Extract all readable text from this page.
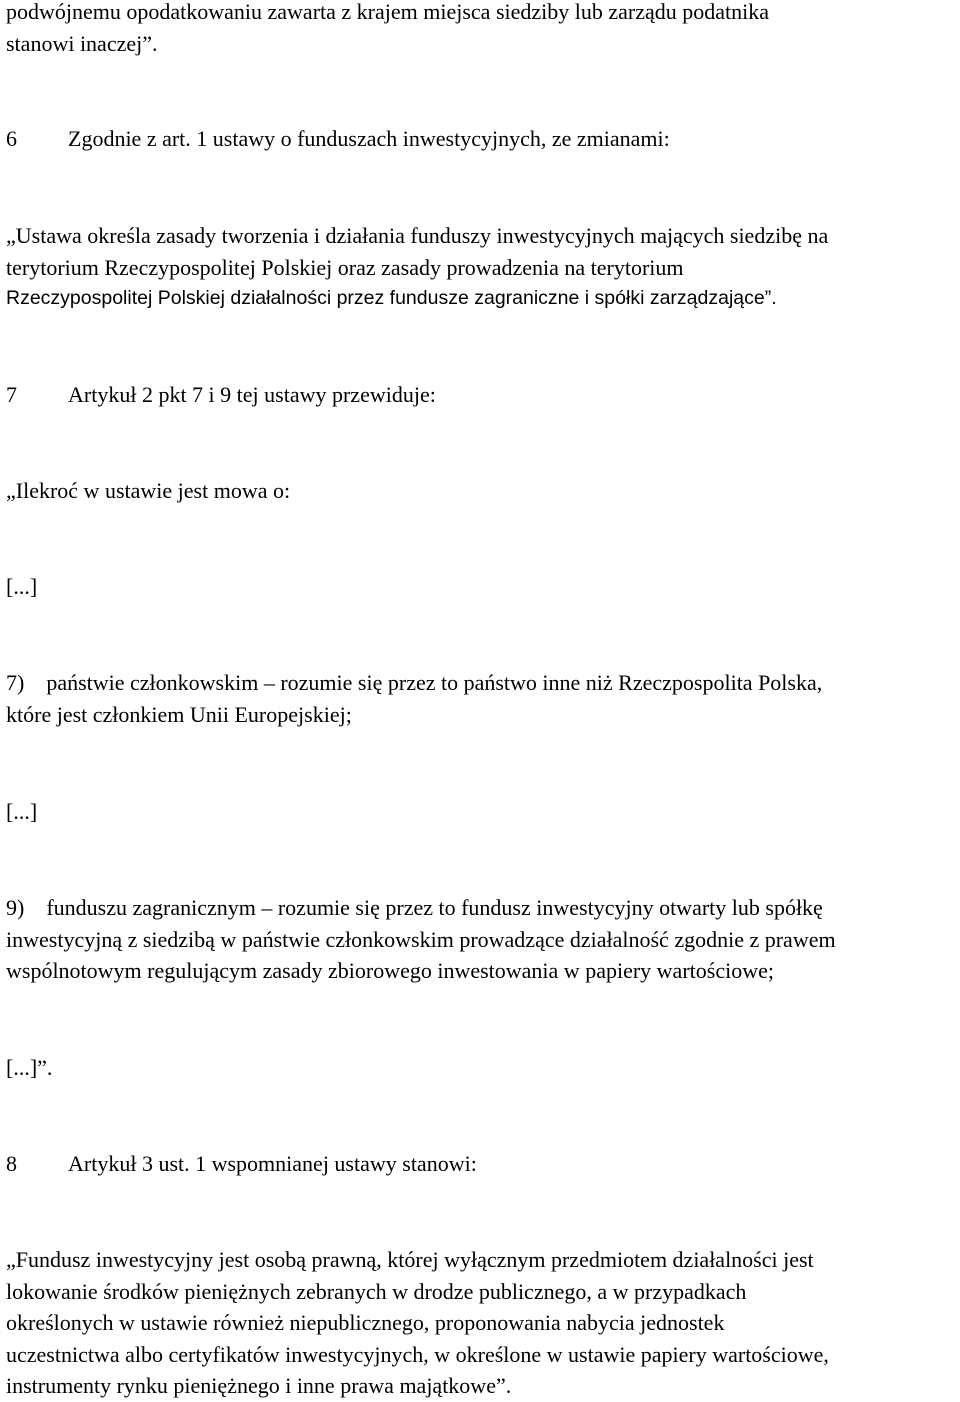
podwójnemu opodatkowaniu zawarta z krajem miejsca siedziby lub zarządu podatnika
stanowi inaczej”.
6	Zgodnie z art. 1 ustawy o funduszach inwestycyjnych, ze zmianami:
„Ustawa określa zasady tworzenia i działania funduszy inwestycyjnych mających siedzibę na
terytorium Rzeczypospolitej Polskiej oraz zasady prowadzenia na terytorium
Rzeczypospolitej Polskiej działalności przez fundusze zagraniczne i spółki zarządzające”.
7	Artykuł 2 pkt 7 i 9 tej ustawy przewiduje:
„Ilekroć w ustawie jest mowa o:
[...]
7)    państwie członkowskim – rozumie się przez to państwo inne niż Rzeczpospolita Polska,
które jest członkiem Unii Europejskiej;
[...]
9)    funduszu zagranicznym – rozumie się przez to fundusz inwestycyjny otwarty lub spółkę
inwestycyjną z siedzibą w państwie członkowskim prowadzące działalność zgodnie z prawem
wspólnotowym regulującym zasady zbiorowego inwestowania w papiery wartościowe;
[...]”.
8	Artykuł 3 ust. 1 wspomnianej ustawy stanowi:
„Fundusz inwestycyjny jest osobą prawną, której wyłącznym przedmiotem działalności jest
lokowanie środków pieniężnych zebranych w drodze publicznego, a w przypadkach
określonych w ustawie również niepublicznego, proponowania nabycia jednostek
uczestnictwa albo certyfikatów inwestycyjnych, w określone w ustawie papiery wartościowe,
instrumenty rynku pieniężnego i inne prawa majątkowe”.
